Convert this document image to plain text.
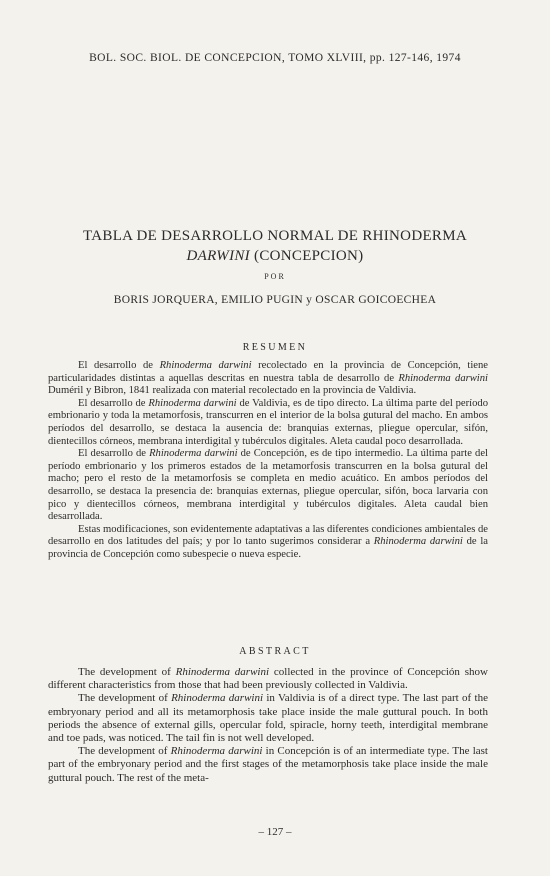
BOL. SOC. BIOL. DE CONCEPCION, TOMO XLVIII, pp. 127-146, 1974
TABLA DE DESARROLLO NORMAL DE RHINODERMA
DARWINI (CONCEPCION)
POR
BORIS JORQUERA, EMILIO PUGIN y OSCAR GOICOECHEA
RESUMEN

El desarrollo de Rhinoderma darwini recolectado en la provincia de Concepción, tiene particularidades distintas a aquellas descritas en nuestra tabla de desarrollo de Rhinoderma darwini Duméril y Bibron, 1841 realizada con material recolectado en la provincia de Valdivia.

El desarrollo de Rhinoderma darwini de Valdivia, es de tipo directo. La última parte del período embrionario y toda la metamorfosis, transcurren en el interior de la bolsa gutural del macho. En ambos períodos del desarrollo, se destaca la ausencia de: branquias externas, pliegue opercular, sifón, dientecillos córneos, membrana interdigital y tubérculos digitales. Aleta caudal poco desarrollada.

El desarrollo de Rhinoderma darwini de Concepción, es de tipo intermedio. La última parte del período embrionario y los primeros estados de la metamorfosis transcurren en la bolsa gutural del macho; pero el resto de la metamorfosis se completa en medio acuático. En ambos períodos del desarrollo, se destaca la presencia de: branquias externas, pliegue opercular, sifón, boca larvaria con pico y dientecillos córneos, membrana interdigital y tubérculos digitales. Aleta caudal bien desarrollada.

Estas modificaciones, son evidentemente adaptativas a las diferentes condiciones ambientales de desarrollo en dos latitudes del país; y por lo tanto sugerimos considerar a Rhinoderma darwini de la provincia de Concepción como subespecie o nueva especie.

ABSTRACT

The development of Rhinoderma darwini collected in the province of Concepción show different characteristics from those that had been previously collected in Valdivia.

The development of Rhinoderma darwini in Valdivia is of a direct type. The last part of the embryonary period and all its metamorphosis take place inside the male guttural pouch. In both periods the absence of external gills, opercular fold, spiracle, horny teeth, interdigital membrane and toe pads, was noticed. The tail fin is not well developed.

The development of Rhinoderma darwini in Concepción is of an intermediate type. The last part of the embryonary period and the first stages of the metamorphosis take place inside the male guttural pouch. The rest of the meta-

– 127 –
